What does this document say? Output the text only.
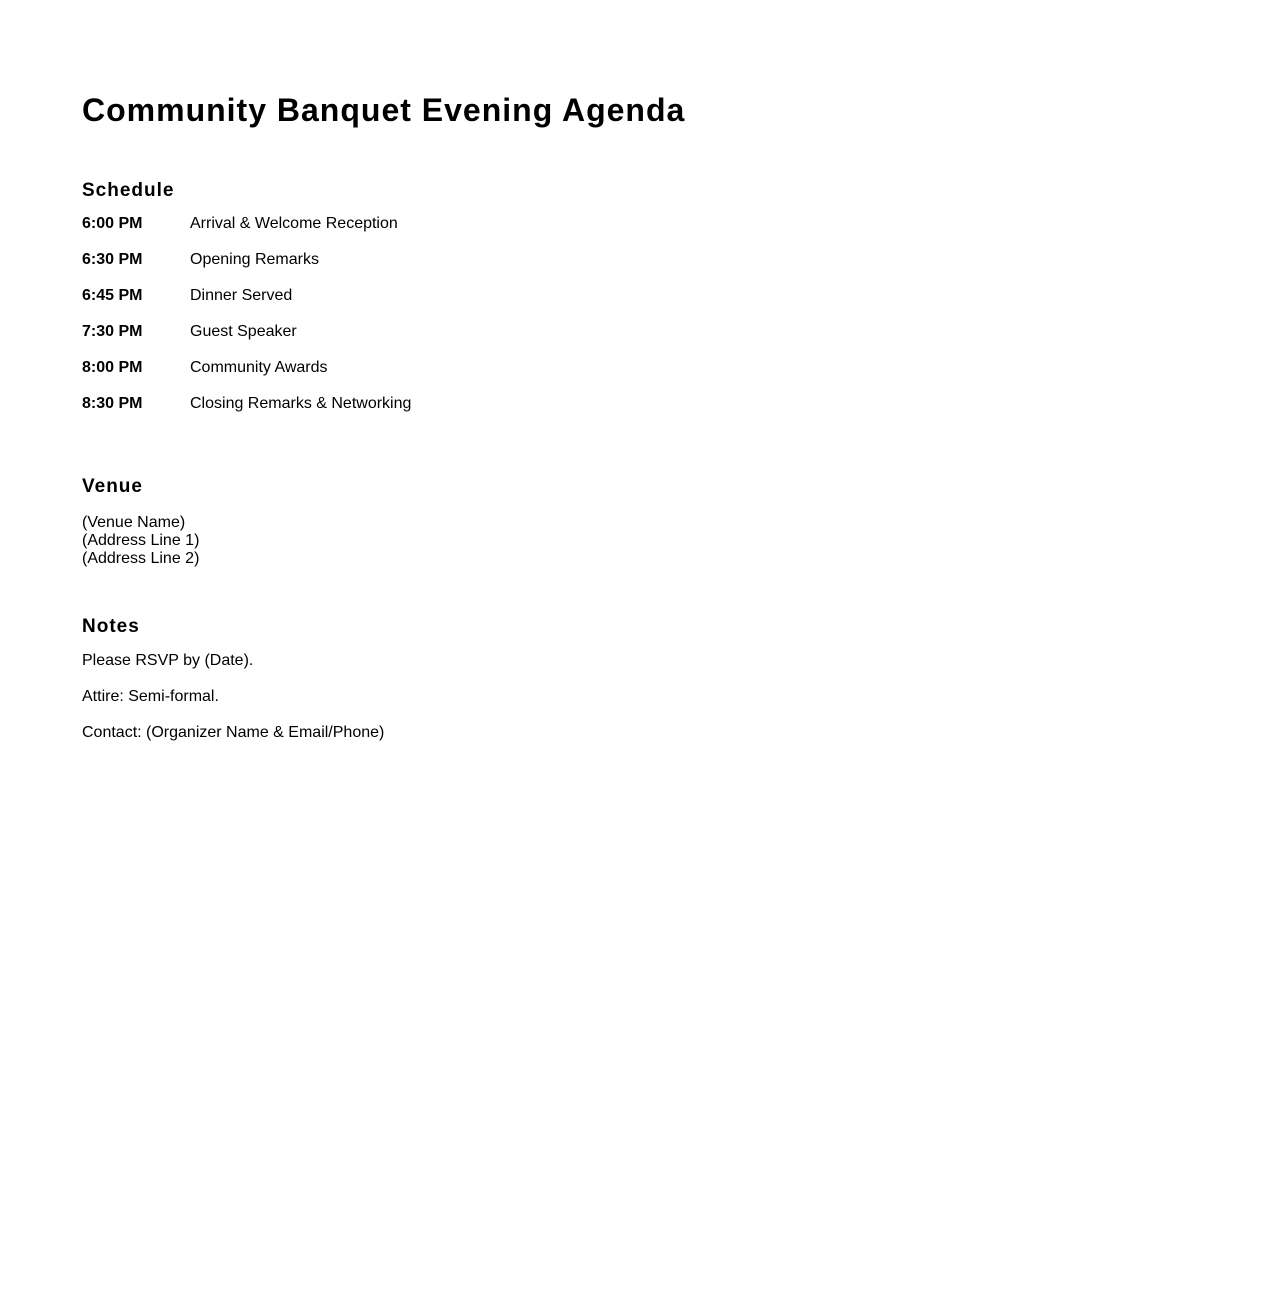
Community Banquet Evening Agenda
Schedule
6:00 PM	Arrival & Welcome Reception
6:30 PM	Opening Remarks
6:45 PM	Dinner Served
7:30 PM	Guest Speaker
8:00 PM	Community Awards
8:30 PM	Closing Remarks & Networking
Venue
(Venue Name)
(Address Line 1)
(Address Line 2)
Notes

Please RSVP by (Date).

Attire: Semi-formal.

Contact: (Organizer Name & Email/Phone)
